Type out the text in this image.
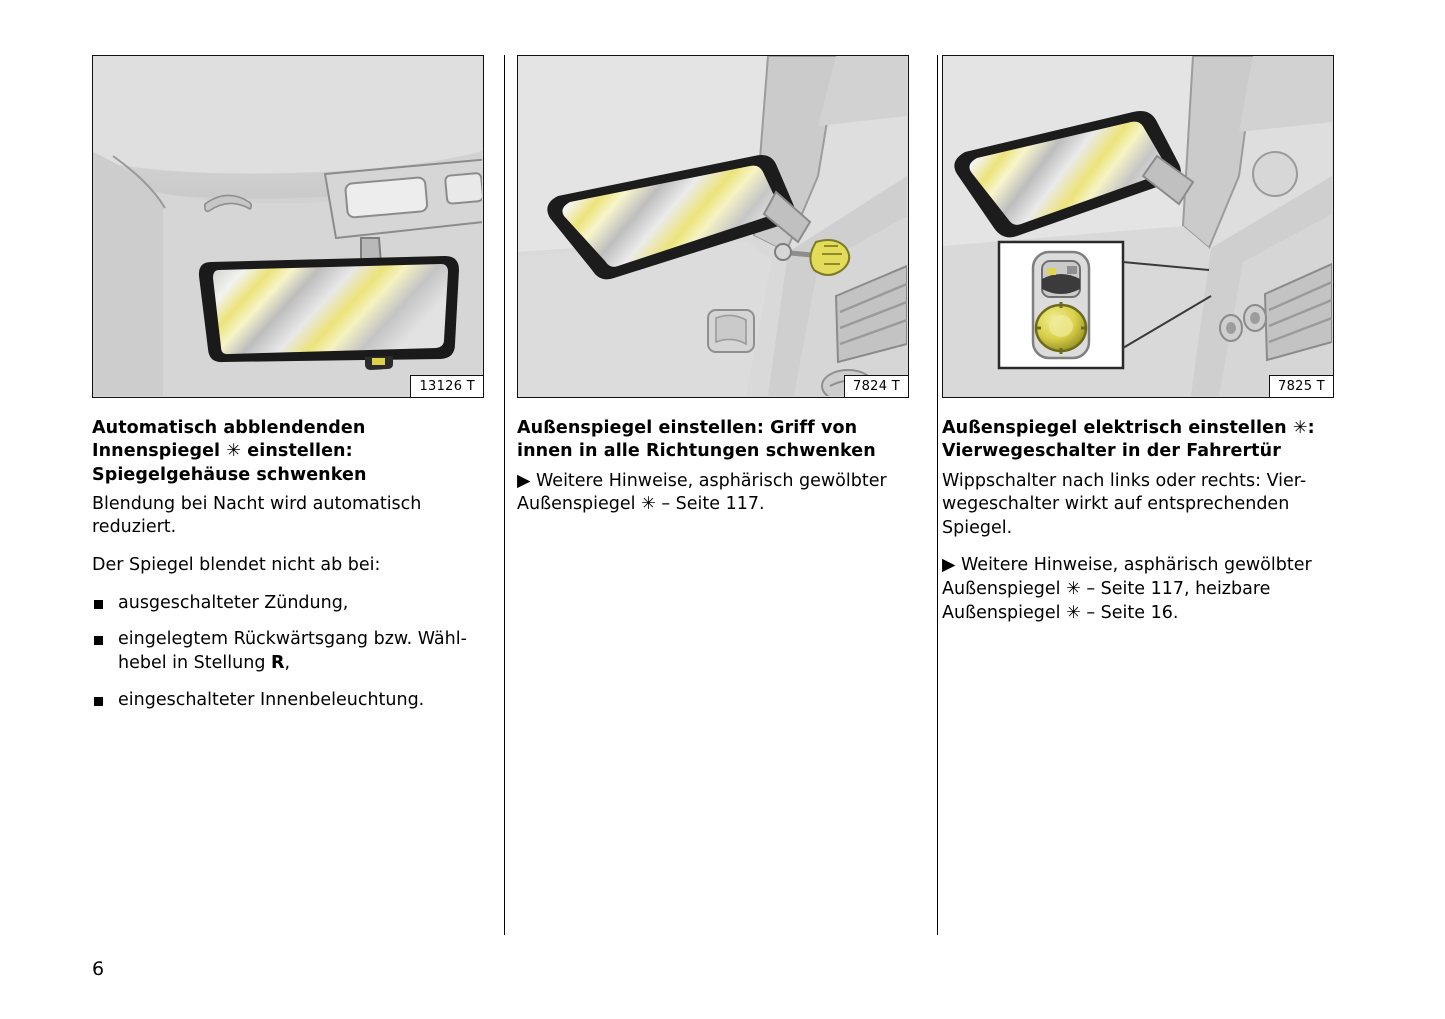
13126 T
Automatisch abblendenden Innenspiegel ✳ einstellen: Spiegelgehäuse schwenken

Blendung bei Nacht wird automatisch reduziert.

Der Spiegel blendet nicht ab bei:

ausgeschalteter Zündung,
eingelegtem Rückwärtsgang bzw. Wähl-hebel in Stellung R,
eingeschalteter Innenbeleuchtung.
7824 T
Außenspiegel einstellen: Griff von innen in alle Richtungen schwenken

▶ Weitere Hinweise, asphärisch gewölbter Außenspiegel ✳ – Seite 117.

7825 T
Außenspiegel elektrisch einstellen ✳: Vierwegeschalter in der Fahrertür

Wippschalter nach links oder rechts: Vier-wegeschalter wirkt auf entsprechenden Spiegel.

▶ Weitere Hinweise, asphärisch gewölbter Außenspiegel ✳ – Seite 117, heizbare Außenspiegel ✳ – Seite 16.

6
